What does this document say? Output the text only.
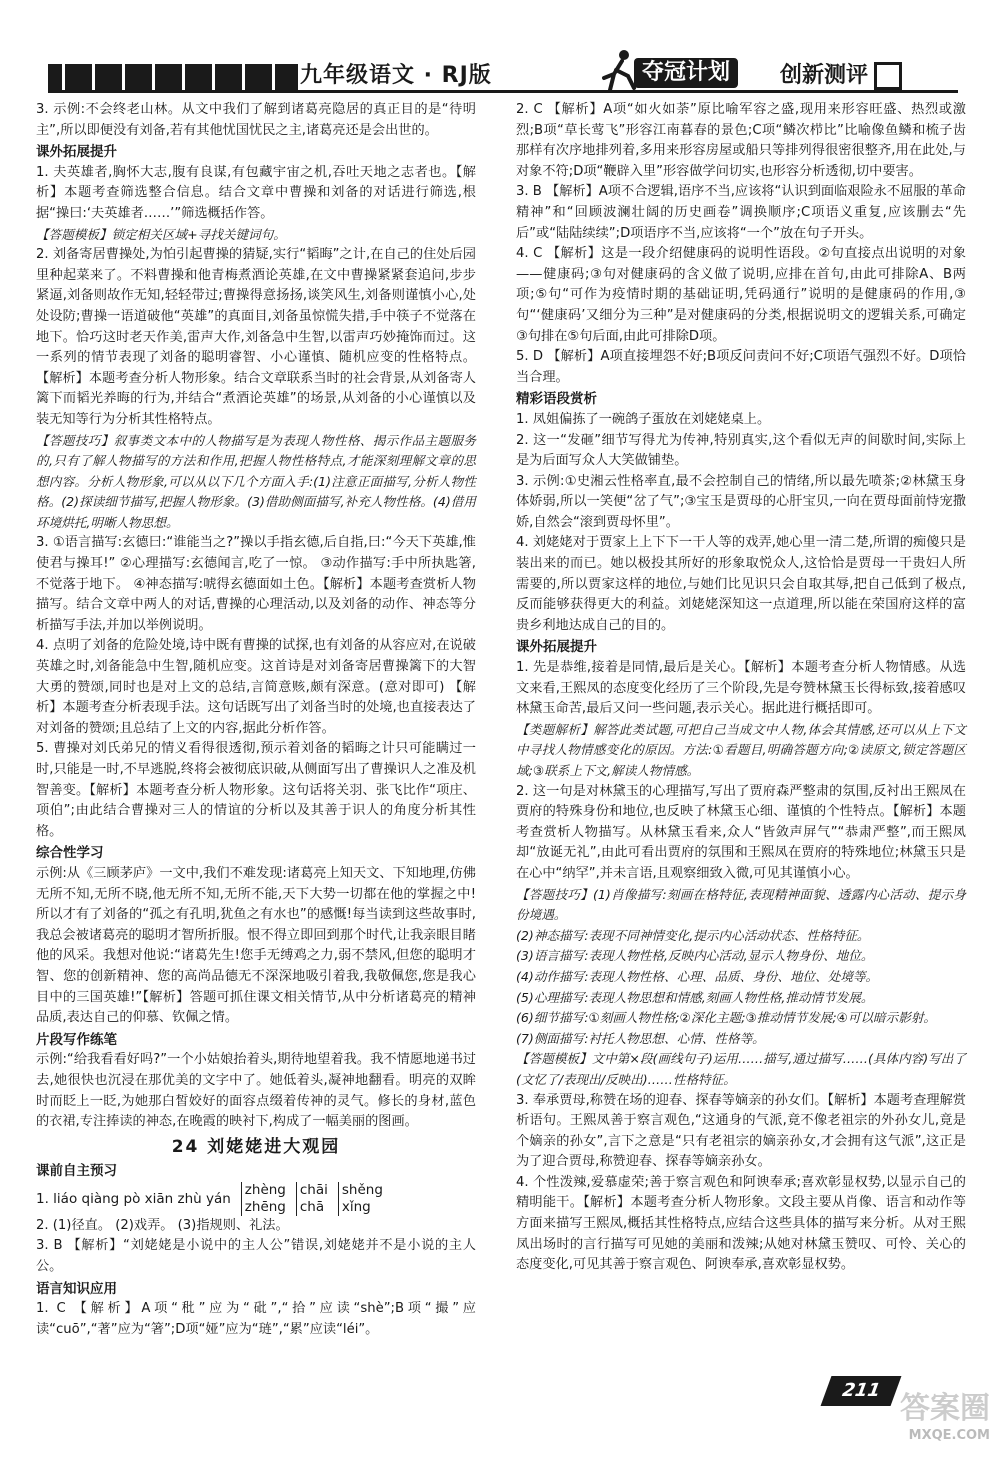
九年级语文 · RJ版	夺冠计划	创新测评

3. 示例:不会终老山林。从文中我们了解到诸葛亮隐居的真正目的是“待明主”,所以即便没有刘备,若有其他忧国忧民之主,诸葛亮还是会出世的。

课外拓展提升

1. 夫英雄者,胸怀大志,腹有良谋,有包藏宇宙之机,吞吐天地之志者也。【解析】本题考查筛选整合信息。结合文章中曹操和刘备的对话进行筛选,根据“操曰:‘夫英雄者……’”筛选概括作答。

【答题模板】锁定相关区域+寻找关键词句。

2. 刘备寄居曹操处,为怕引起曹操的猜疑,实行“韬晦”之计,在自己的住处后园里种起菜来了。不料曹操和他青梅煮酒论英雄,在文中曹操紧紧套追问,步步紧逼,刘备则故作无知,轻轻带过;曹操得意扬扬,谈笑风生,刘备则谨慎小心,处处设防;曹操一语道破他“英雄”的真面目,刘备虽惊慌失措,手中筷子不觉落在地下。恰巧这时老天作美,雷声大作,刘备急中生智,以雷声巧妙掩饰而过。这一系列的情节表现了刘备的聪明睿智、小心谨慎、随机应变的性格特点。【解析】本题考查分析人物形象。结合文章联系当时的社会背景,从刘备寄人篱下而韬光养晦的行为,并结合“煮酒论英雄”的场景,从刘备的小心谨慎以及装无知等行为分析其性格特点。

【答题技巧】叙事类文本中的人物描写是为表现人物性格、揭示作品主题服务的,只有了解人物描写的方法和作用,把握人物性格特点,才能深刻理解文章的思想内容。分析人物形象,可以从以下几个方面入手:(1)注意正面描写,分析人物性格。(2)探读细节描写,把握人物形象。(3)借助侧面描写,补充人物性格。(4)借用环境烘托,明晰人物思想。

3. ①语言描写:玄德曰:“谁能当之?”操以手指玄德,后自指,曰:“今天下英雄,惟使君与操耳!” ②心理描写:玄德闻言,吃了一惊。 ③动作描写:手中所执匙箸,不觉落于地下。 ④神态描写:唬得玄德面如土色。【解析】本题考查赏析人物描写。结合文章中两人的对话,曹操的心理活动,以及刘备的动作、神态等分析描写手法,并加以举例说明。

4. 点明了刘备的危险处境,诗中既有曹操的试探,也有刘备的从容应对,在说破英雄之时,刘备能急中生智,随机应变。这首诗是对刘备寄居曹操篱下的大智大勇的赞颂,同时也是对上文的总结,言简意赅,颇有深意。(意对即可) 【解析】本题考查分析表现手法。这句话既写出了刘备当时的处境,也直接表达了对刘备的赞颂;且总结了上文的内容,据此分析作答。

5. 曹操对刘氏弟兄的情义看得很透彻,预示着刘备的韬晦之计只可能瞒过一时,只能是一时,不早逃脱,终将会被彻底识破,从侧面写出了曹操识人之准及机智善变。【解析】本题考查分析人物形象。这句话将关羽、张飞比作“项庄、项伯”;由此结合曹操对三人的情谊的分析以及其善于识人的角度分析其性格。

综合性学习

示例:从《三顾茅庐》一文中,我们不难发现:诸葛亮上知天文、下知地理,仿佛无所不知,无所不晓,他无所不知,无所不能,天下大势一切都在他的掌握之中!所以才有了刘备的“孤之有孔明,犹鱼之有水也”的感慨!每当读到这些故事时,我总会被诸葛亮的聪明才智所折服。恨不得立即回到那个时代,让我亲眼目睹他的风采。我想对他说:“诸葛先生!您手无缚鸡之力,弱不禁风,但您的聪明才智、您的创新精神、您的高尚品德无不深深地吸引着我,我敬佩您,您是我心目中的三国英雄!”【解析】答题可抓住课文相关情节,从中分析诸葛亮的精神品质,表达自己的仰慕、钦佩之情。

片段写作练笔

示例:“给我看看好吗?”一个小姑娘抬着头,期待地望着我。我不情愿地递书过去,她很快也沉浸在那优美的文字中了。她低着头,凝神地翻看。明亮的双眸时而眨上一眨,为她那白皙姣好的面容点缀着传神的灵气。修长的身材,蓝色的衣裙,专注捧读的神态,在晚霞的映衬下,构成了一幅美丽的图画。

24 刘姥姥进大观园

课前自主预习

1. liáo qiàng pò xiān zhù yán
zhèng
zhēng
chāi
chā
shěng
xǐng

2. (1)径直。 (2)戏弄。 (3)指规则、礼法。

3. B 【解析】“刘姥姥是小说中的主人公”错误,刘姥姥并不是小说的主人公。

语言知识应用

1. C 【解析】A项“秕”应为“砒”,“拾”应读“shè”;B项“撮”应读“cuō”,“著”应为“箸”;D项“娅”应为“琏”,“累”应读“léi”。

2. C 【解析】A项“如火如荼”原比喻军容之盛,现用来形容旺盛、热烈或激烈;B项“草长莺飞”形容江南暮春的景色;C项“鳞次栉比”比喻像鱼鳞和梳子齿那样有次序地排列着,多用来形容房屋或船只等排列得很密很整齐,用在此处,与对象不符;D项“鞭辟入里”形容做学问切实,也形容分析透彻,切中要害。

3. B 【解析】A项不合逻辑,语序不当,应该将“认识到面临艰险永不屈服的革命精神”和“回顾波澜壮阔的历史画卷”调换顺序;C项语义重复,应该删去“先后”或“陆陆续续”;D项语序不当,应该将“一个”放在句子开头。

4. C 【解析】这是一段介绍健康码的说明性语段。②句直接点出说明的对象——健康码;③句对健康码的含义做了说明,应排在首句,由此可排除A、B两项;⑤句“可作为疫情时期的基础证明,凭码通行”说明的是健康码的作用,③句“‘健康码’又细分为三种”是对健康码的分类,根据说明文的逻辑关系,可确定③句排在⑤句后面,由此可排除D项。

5. D 【解析】A项直接埋怨不好;B项反问责问不好;C项语气强烈不好。D项恰当合理。

精彩语段赏析

1. 凤姐偏拣了一碗鸽子蛋放在刘姥姥桌上。

2. 这一“发砸”细节写得尤为传神,特别真实,这个看似无声的间歇时间,实际上是为后面写众人大笑做铺垫。

3. 示例:①史湘云性格率直,最不会控制自己的情绪,所以最先喷茶;②林黛玉身体娇弱,所以一笑便“岔了气”;③宝玉是贾母的心肝宝贝,一向在贾母面前恃宠撒娇,自然会“滚到贾母怀里”。

4. 刘姥姥对于贾家上上下下一干人等的戏弄,她心里一清二楚,所谓的痴傻只是装出来的而已。她以极投其所好的形象取悦众人,这恰恰是贾母一干贵妇人所需要的,所以贾家这样的地位,与她们比见识只会自取其辱,把自己低到了极点,反而能够获得更大的利益。刘姥姥深知这一点道理,所以能在荣国府这样的富贵乡利地达成自己的目的。

课外拓展提升

1. 先是恭维,接着是同情,最后是关心。【解析】本题考查分析人物情感。从选文来看,王熙凤的态度变化经历了三个阶段,先是夸赞林黛玉长得标致,接着感叹林黛玉命苦,最后又问一些问题,表示关心。据此进行概括即可。

【类题解析】解答此类试题,可把自己当成文中人物,体会其情感,还可以从上下文中寻找人物情感变化的原因。方法:①看题目,明确答题方向;②读原文,锁定答题区域;③联系上下文,解读人物情感。

2. 这一句是对林黛玉的心理描写,写出了贾府森严整肃的氛围,反衬出王熙凤在贾府的特殊身份和地位,也反映了林黛玉心细、谨慎的个性特点。【解析】本题考查赏析人物描写。从林黛玉看来,众人“皆敛声屏气”“恭肃严整”,而王熙凤却“放诞无礼”,由此可看出贾府的氛围和王熙凤在贾府的特殊地位;林黛玉只是在心中“纳罕”,并未言语,且观察细致入微,可见其谨慎小心。

【答题技巧】(1)肖像描写:刻画在格特征,表现精神面貌、透露内心活动、提示身份境遇。

(2)神态描写:表现不同神情变化,提示内心活动状态、性格特征。

(3)语言描写:表现人物性格,反映内心活动,显示人物身份、地位。

(4)动作描写:表现人物性格、心理、品质、身份、地位、处境等。

(5)心理描写:表现人物思想和情感,刻画人物性格,推动情节发展。

(6)细节描写:①刻画人物性格;②深化主题;③推动情节发展;④可以暗示影射。

(7)侧面描写:衬托人物思想、心情、性格等。

【答题模板】文中第×段(画线句子)运用……描写,通过描写……(具体内容)写出了(文忆了/表现出/反映出)……性格特征。

3. 奉承贾母,称赞在场的迎春、探春等嫡亲的孙女们。【解析】本题考查理解赏析语句。王熙凤善于察言观色,“这通身的气派,竟不像老祖宗的外孙女儿,竟是个嫡亲的孙女”,言下之意是“只有老祖宗的嫡亲孙女,才会拥有这气派”,这正是为了迎合贾母,称赞迎春、探春等嫡亲孙女。

4. 个性泼辣,爱慕虚荣;善于察言观色和阿谀奉承;喜欢彰显权势,以显示自己的精明能干。【解析】本题考查分析人物形象。文段主要从肖像、语言和动作等方面来描写王熙凤,概括其性格特点,应结合这些具体的描写来分析。从对王熙凤出场时的言行描写可见她的美丽和泼辣;从她对林黛玉赞叹、可怜、关心的态度变化,可见其善于察言观色、阿谀奉承,喜欢彰显权势。

211
答案圈
MXQE.COM
